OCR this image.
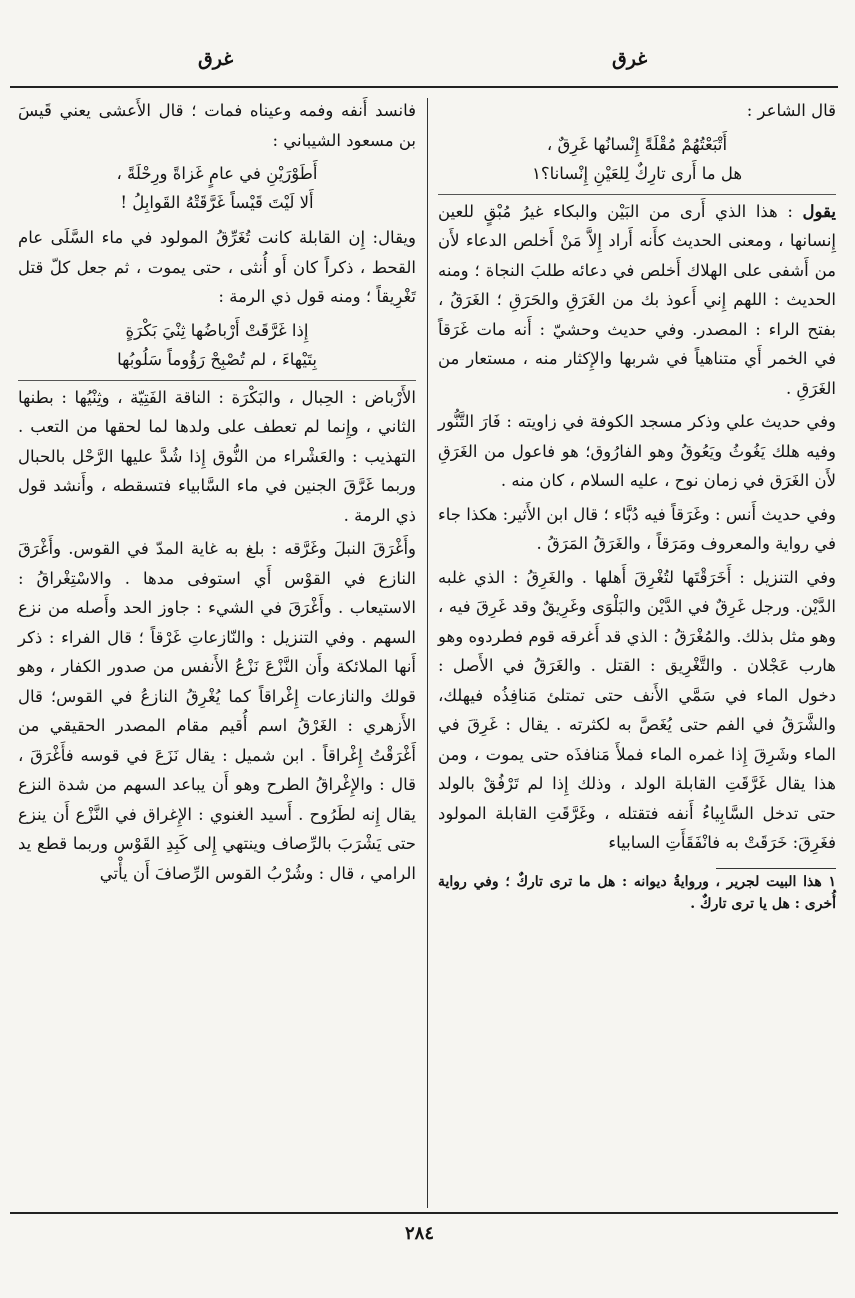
غرق
غرق

قال الشاعر :

أَتْبَعْتُهُمْ مُقْلَةً إِنْسانُها غَرِقٌ ،
هل ما أَرى تارِكٌ لِلعَيْنِ إِنْسانا؟١

يقول : هذا الذي أَرى من البَيْن والبكاء غيرُ مُبْقٍ للعين إِنسانها ، ومعنى الحديث كأَنه أَراد إِلاَّ مَنْ أَخلص الدعاء لأَن من أَشفى على الهلاك أَخلص في دعائه طلبَ النجاة ؛ ومنه الحديث : اللهم إِني أَعوذ بك من الغَرَقِ والحَرَقِ ؛ الغَرَقُ ، بفتح الراء : المصدر. وفي حديث وحشيّ : أَنه مات غَرَقاً في الخمر أَي متناهياً في شربها والإِكثار منه ، مستعار من الغَرَقِ .

وفي حديث علي وذكر مسجد الكوفة في زاويته : فَارَ التَّنُّور وفيه هلك يَغُوثُ ويَعُوقُ وهو الفارُوق؛ هو فاعول من الغَرَقِ لأَن الغَرَق في زمان نوح ، عليه السلام ، كان منه .

وفي حديث أَنس : وغَرَقاً فيه دُبَّاء ؛ قال ابن الأَثير: هكذا جاء في رواية والمعروف ومَرَقاً ، والغَرَقُ المَرَقُ .

وفي التنزيل : أَخَرَقْتَها لتُغْرِقَ أَهلها . والغَرِقُ : الذي غلبه الدَّيْن. ورجل غَرِقٌ في الدَّيْن والبَلْوَى وغَرِيقٌ وقد غَرِقَ فيه ، وهو مثل بذلك. والمُغْرَقُ : الذي قد أَغرقه قوم فطردوه وهو هارب عَجْلان . والتَّغْرِيق : القتل . والغَرَقُ في الأَصل : دخول الماء في سَمَّي الأَنف حتى تمتلئ مَنافِذُه فيهلك، والشَّرَقُ في الفم حتى يُغَصَّ به لكثرته . يقال : غَرِقَ في الماء وشَرِقَ إِذا غمره الماء فملأَ مَنافذَه حتى يموت ، ومن هذا يقال غَرَّقَتِ القابلة الولد ، وذلك إِذا لم تَرْفُقْ بالولد حتى تدخل السَّابِياءُ أَنفه فتقتله ، وغَرَّقَتِ القابلة المولود فغَرِقَ: خَرَقَتْ به فانْفَقَأَتِ السابياء

١ هذا البيت لجرير ، وروايةُ ديوانه : هل ما ترى تاركٌ ؛ وفي رواية أُخرى : هل يا ترى تاركٌ .

فانسد أَنفه وفمه وعيناه فمات ؛ قال الأَعشى يعني قَيسَ بن مسعود الشيباني :

أَطَوْرَيْنِ في عامٍ غَزاةً ورِحْلَةً ،
أَلا لَيْتَ قَيْساً غَرَّقَتْهُ القَوابِلُ !

ويقال: إِن القابلة كانت تُغَرِّقُ المولود في ماء السَّلَى عام القحط ، ذكراً كان أَو أُنثى ، حتى يموت ، ثم جعل كلّ قتل تَغْرِيقاً ؛ ومنه قول ذي الرمة :

إِذا غَرَّقَتْ أَرْباضُها ثِنْيَ بَكْرَةٍ
بِتَيْهاءَ ، لم تُصْبِحْ رَؤُوماً سَلُوبُها

الأَرْباض : الحِبال ، والبَكْرَة : الناقة الفَتِيّة ، وثِنْيُها : بطنها الثاني ، وإِنما لم تعطف على ولدها لما لحقها من التعب . التهذيب : والعَشْراء من النُّوق إِذا شُدَّ عليها الرَّحْل بالحبال وربما غَرَّقَ الجنين في ماء السَّابياء فتسقطه ، وأَنشد قول ذي الرمة .

وأَغْرَقَ النبلَ وغَرَّقه : بلغ به غاية المدّ في القوس. وأَغْرَقَ النازع في القوْس أَي استوفى مدها . والاسْتِغْراقُ : الاستيعاب . وأَغْرَقَ في الشيء : جاوز الحد وأَصله من نزع السهم . وفي التنزيل : والنّازعاتِ غَرْقاً ؛ قال الفراء : ذكر أَنها الملائكة وأَن النَّزْعَ نَزْعُ الأَنفس من صدور الكفار ، وهو قولك والنازعات إِغْراقاً كما يُغْرِقُ النازعُ في القوس؛ قال الأَزهري : الغَرْقُ اسم أُقيم مقام المصدر الحقيقي من أَغْرَقْتُ إِغْراقاً . ابن شميل : يقال نَزَعَ في قوسه فأَغْرَقَ ، قال : والإِغْراقُ الطرح وهو أَن يباعد السهم من شدة النزع يقال إِنه لطَرُوح . أَسيد الغنوي : الإِغراق في النَّزْع أَن ينزع حتى يَشْرَبَ بالرِّصاف وينتهي إِلى كَبِدِ القَوْس وربما قطع يد الرامي ، قال : وشُرْبُ القوس الرِّصافَ أَن يأْتي

٢٨٤
